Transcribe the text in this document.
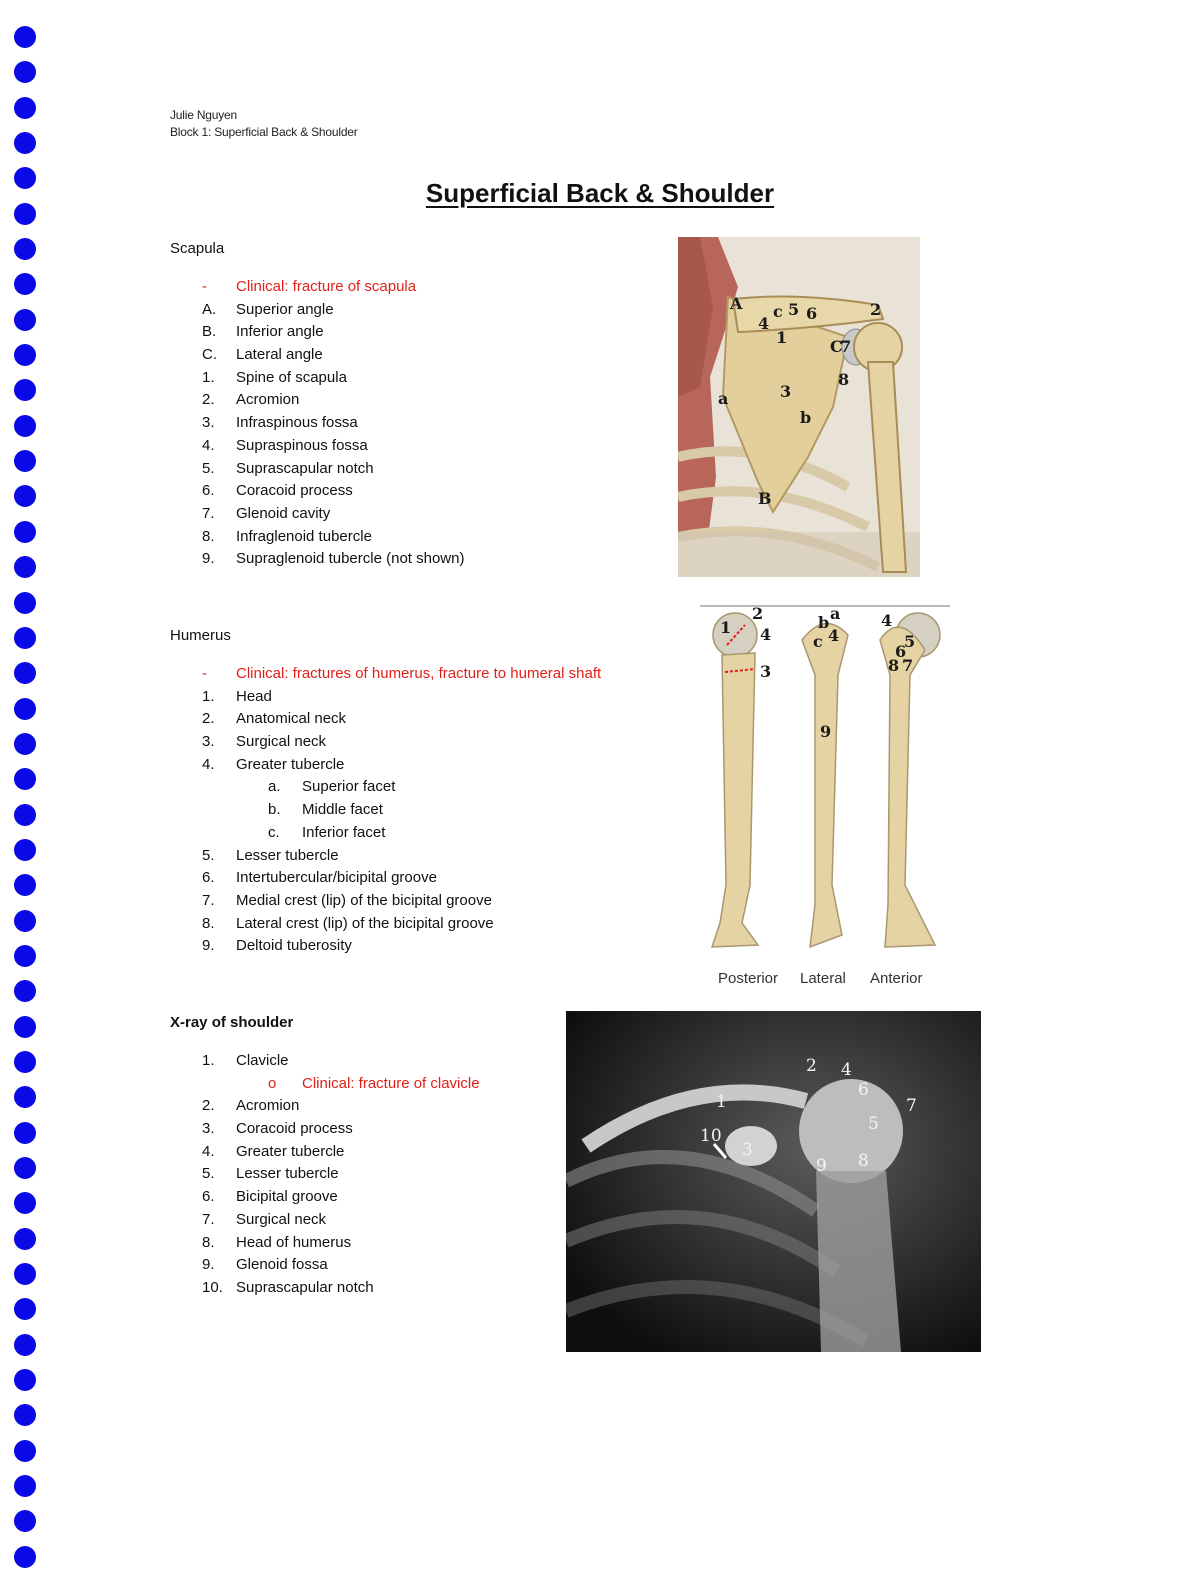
Julie Nguyen
Block 1: Superficial Back & Shoulder
Superficial Back & Shoulder
Scapula
- Clinical: fracture of scapula
A. Superior angle
B. Inferior angle
C. Lateral angle
1. Spine of scapula
2. Acromion
3. Infraspinous fossa
4. Supraspinous fossa
5. Suprascapular notch
6. Coracoid process
7. Glenoid cavity
8. Infraglenoid tubercle
9. Supraglenoid tubercle (not shown)
Humerus
- Clinical: fractures of humerus, fracture to humeral shaft
1. Head
2. Anatomical neck
3. Surgical neck
4. Greater tubercle
a. Superior facet
b. Middle facet
c. Inferior facet
5. Lesser tubercle
6. Intertubercular/bicipital groove
7. Medial crest (lip) of the bicipital groove
8. Lateral crest (lip) of the bicipital groove
9. Deltoid tuberosity
X-ray of shoulder
1. Clavicle
o Clinical: fracture of clavicle
2. Acromion
3. Coracoid process
4. Greater tubercle
5. Lesser tubercle
6. Bicipital groove
7. Surgical neck
8. Head of humerus
9. Glenoid fossa
10. Suprascapular notch
A c 5 6	2
4
1	C
7
8
a	3
b
B
1
2
4
3
b a
c 4
9
4
5
6
8 7
Posterior Lateral Anterior
1
10
2 4
6
7
5
3
9 8
